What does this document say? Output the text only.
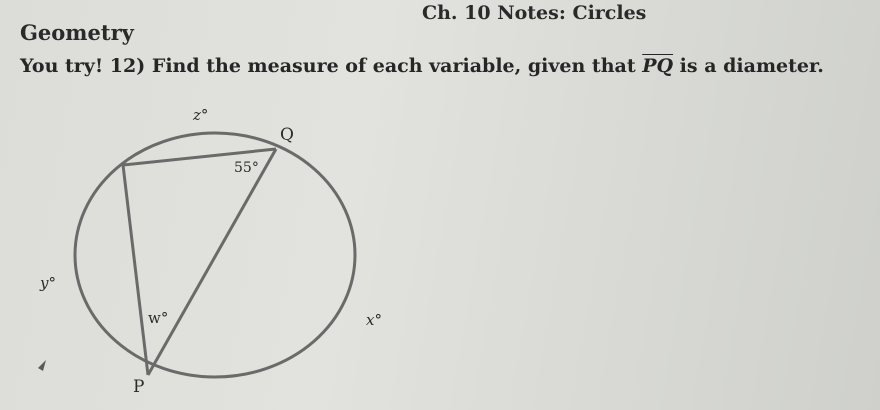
Geometry
Ch. 10 Notes: Circles
You try! 12) Find the measure of each variable, given that $\overline{PQ}$ is a diameter.
z°
Q
55°
y°
w°	x°
P
